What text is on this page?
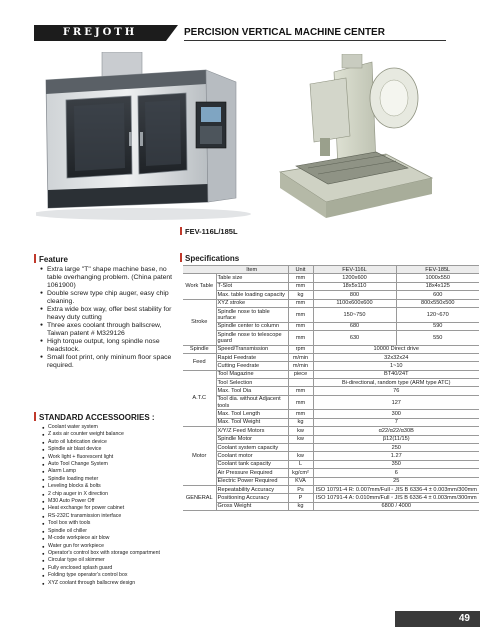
FREJOTH	PERCISION VERTICAL MACHINE CENTER
FEV-116L/185L
Feature
● Extra large "T" shape machine base, no table overhanging problem. (China patent 1061900)
● Double screw type chip auger, easy chip cleaning.
● Extra wide box way, offer best stability for heavy duty cutting
● Three axes coolant through ballscrew, Taiwan patent # M329126
● High torque output, long spindle nose headstock.
● Small foot print, only mininum floor space required.
STANDARD ACCESSOORIES :
● Coolant water system
● Z axis air counter weight balance
● Auto oil lubrication device
● Spindle air blast device
● Work light + fluorescent light
● Auto Tool Change System
● Alarm Lamp
● Spindle loading meter
● Leveling blocks & bolts
● 2 chip auger in X direction
● M30 Auto Power Off
● Heat exchange for power cabinet
● RS-232C transmission interface
● Tool box with tools
● Spindle oil chiller
● M-code workpiece air blow
● Water gun for workpiece
● Operator's control box with storage compartment
● Circular type oil skimmer
● Fully enclosed splash guard
● Folding type operator's control box
● XYZ coolant through ballscrew design
Specifications
	Item	Unit	FEV-116L	FEV-185L
Work Table	Table size	mm	1200x600	1000x550
	T-Slot	mm	18x5x110	18x4x125
	Max. table loading capacity	kg	800	600
Stroke	XYZ stroke	mm	1100x600x600	800x550x500
	Spindle nose to table surface	mm	150~750	120~670
	Spindle center to column	mm	680	590
	Spindle nose to telescope guard	mm	630	550
Spindle	Speed/Transmission	rpm	10000 Direct drive	
Feed	Rapid Feedrate	m/min	32x32x24	
	Cutting Feedrate	m/min	1~10	
A.T.C	Tool Magazine	piece	BT40/24T	
	Tool Selection		Bi-directional, random type (ARM type ATC)	
	Max. Tool Dia	mm	76	
	Tool dia. without Adjacent tools	mm	127	
	Max. Tool Length	mm	300	
	Max. Tool Weight	kg	7	
Motor	X/Y/Z Feed Motors	kw	α22/α22/α30B	
	Spindle Motor	kw	β12(11/15)	
	Coolant system capacity		250	
	Coolant motor	kw	1.27	
	Coolant tank capacity	L	350	
	Air Pressure Required	kg/cm²	6	
	Electric Power Required	KVA	25	
GENERAL	Repeatability Accuracy	Ps	ISO 10791-4 R: 0.007mm/Full ◦ JIS B 6336-4 ± 0.003mm/300mm	
	Positioning Accuracy	P	ISO 10791-4 A: 0.010mm/Full ◦ JIS B 6336-4 ± 0.003mm/300mm	
	Gross Weight	kg	6800 / 4000	
49
